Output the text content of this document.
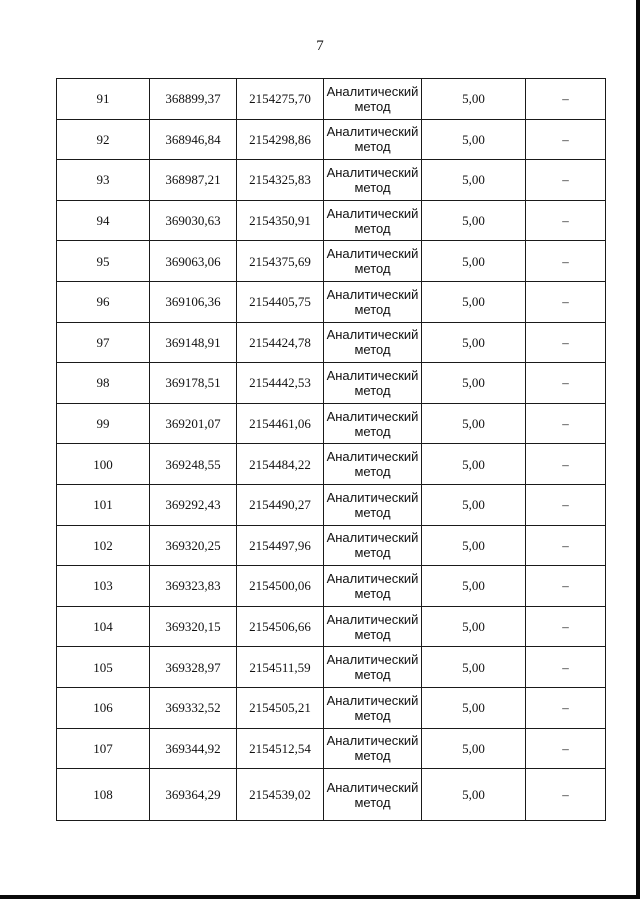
7
91	368899,37	2154275,70	Аналитический метод	5,00	–
92	368946,84	2154298,86	Аналитический метод	5,00	–
93	368987,21	2154325,83	Аналитический метод	5,00	–
94	369030,63	2154350,91	Аналитический метод	5,00	–
95	369063,06	2154375,69	Аналитический метод	5,00	–
96	369106,36	2154405,75	Аналитический метод	5,00	–
97	369148,91	2154424,78	Аналитический метод	5,00	–
98	369178,51	2154442,53	Аналитический метод	5,00	–
99	369201,07	2154461,06	Аналитический метод	5,00	–
100	369248,55	2154484,22	Аналитический метод	5,00	–
101	369292,43	2154490,27	Аналитический метод	5,00	–
102	369320,25	2154497,96	Аналитический метод	5,00	–
103	369323,83	2154500,06	Аналитический метод	5,00	–
104	369320,15	2154506,66	Аналитический метод	5,00	–
105	369328,97	2154511,59	Аналитический метод	5,00	–
106	369332,52	2154505,21	Аналитический метод	5,00	–
107	369344,92	2154512,54	Аналитический метод	5,00	–
108	369364,29	2154539,02	Аналитический метод	5,00	–
